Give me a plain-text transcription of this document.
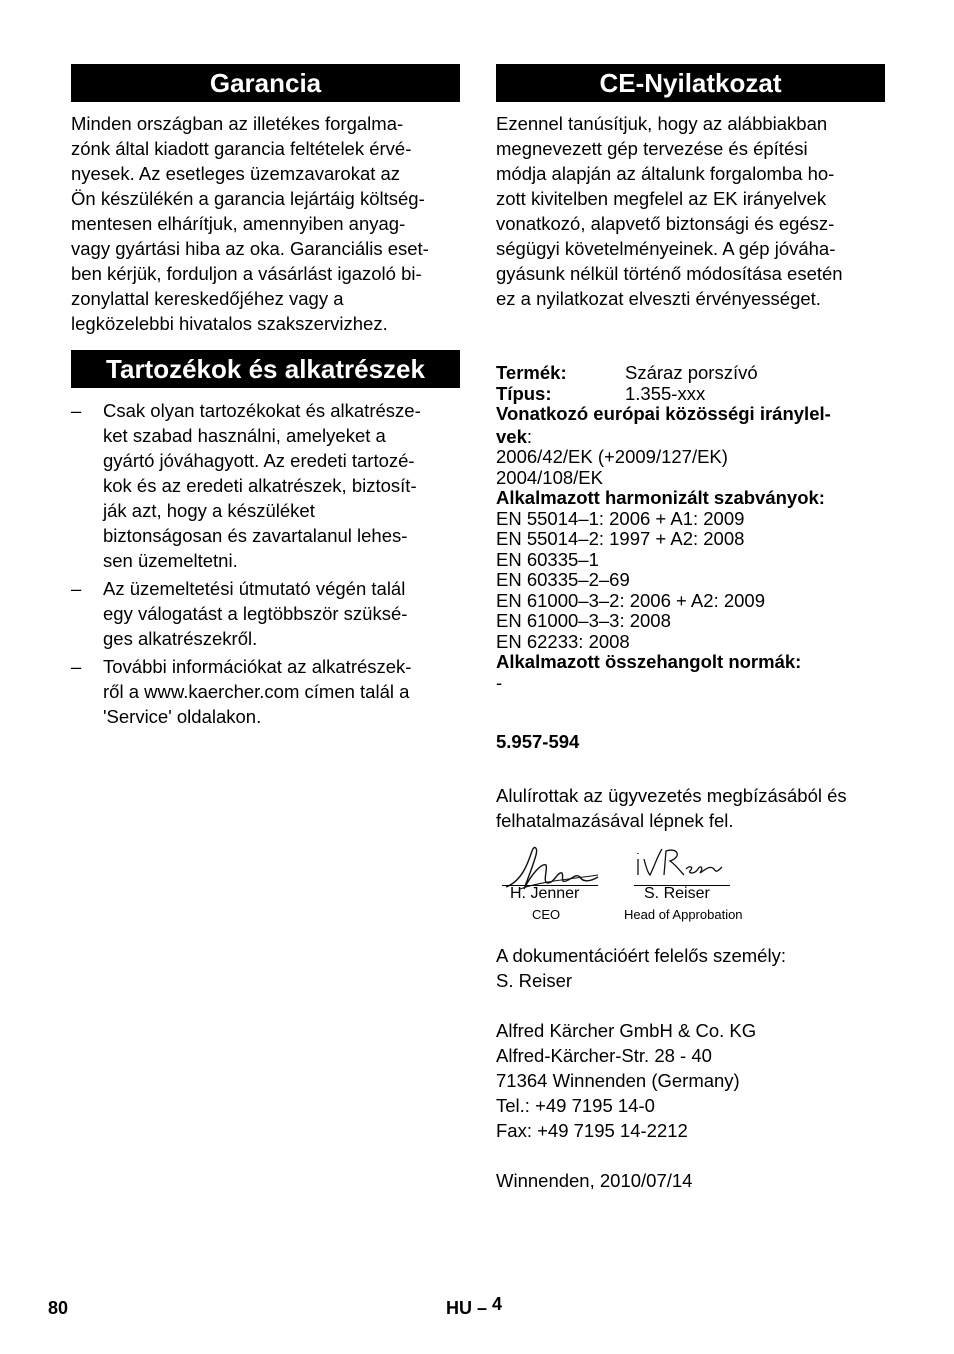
Garancia
Minden országban az illetékes forgalma-
zónk által kiadott garancia feltételek érvé-
nyesek. Az esetleges üzemzavarokat az
Ön készülékén a garancia lejártáig költség-
mentesen elhárítjuk, amennyiben anyag-
vagy gyártási hiba az oka. Garanciális eset-
ben kérjük, forduljon a vásárlást igazoló bi-
zonylattal kereskedőjéhez vagy a
legközelebbi hivatalos szakszervizhez.
Tartozékok és alkatrészek
– Csak olyan tartozékokat és alkatrésze-
ket szabad használni, amelyeket a
gyártó jóváhagyott. Az eredeti tartozé-
kok és az eredeti alkatrészek, biztosít-
ják azt, hogy a készüléket
biztonságosan és zavartalanul lehes-
sen üzemeltetni.
– Az üzemeltetési útmutató végén talál
egy válogatást a legtöbbször szüksé-
ges alkatrészekről.
– További információkat az alkatrészek-
ről a www.kaercher.com címen talál a
'Service' oldalakon.
CE-Nyilatkozat
Ezennel tanúsítjuk, hogy az alábbiakban
megnevezett gép tervezése és építési
módja alapján az általunk forgalomba ho-
zott kivitelben megfelel az EK irányelvek
vonatkozó, alapvető biztonsági és egész-
ségügyi követelményeinek. A gép jóváha-
gyásunk nélkül történő módosítása esetén
ez a nyilatkozat elveszti érvényességet.
Termék:	Száraz porszívó
Típus:	1.355-xxx
Vonatkozó európai közösségi iránylel-
vek:
2006/42/EK (+2009/127/EK)
2004/108/EK
Alkalmazott harmonizált szabványok:
EN 55014–1: 2006 + A1: 2009
EN 55014–2: 1997 + A2: 2008
EN 60335–1
EN 60335–2–69
EN 61000–3–2: 2006 + A2: 2009
EN 61000–3–3: 2008
EN 62233: 2008
Alkalmazott összehangolt normák:
-
5.957-594
Alulírottak az ügyvezetés megbízásából és
felhatalmazásával lépnek fel.
H. Jenner	S. Reiser
CEO	Head of Approbation
A dokumentációért felelős személy:
S. Reiser
Alfred Kärcher GmbH & Co. KG
Alfred-Kärcher-Str. 28 - 40
71364 Winnenden (Germany)
Tel.: +49 7195 14-0
Fax: +49 7195 14-2212
Winnenden, 2010/07/14
80	HU – 4
